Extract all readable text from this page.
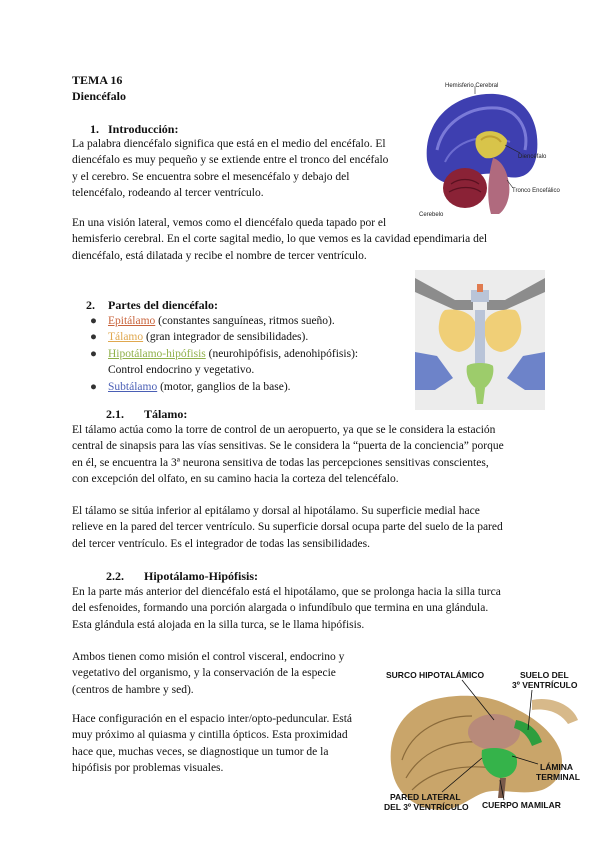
TEMA 16
Diencéfalo
1. Introducción:
La palabra diencéfalo significa que está en el medio del encéfalo. El
diencéfalo es muy pequeño y se extiende entre el tronco del encéfalo
y el cerebro. Se encuentra sobre el mesencéfalo y debajo del
telencéfalo, rodeando al tercer ventrículo.
En una visión lateral, vemos como el diencéfalo queda tapado por el
hemisferio cerebral. En el corte sagital medio, lo que vemos es la cavidad ependimaria del
diencéfalo, está dilatada y recibe el nombre de tercer ventrículo.
Hemisferio Cerebral
Diencéfalo
Tronco Encefálico
Cerebelo
2. Partes del diencéfalo:
● Epitálamo (constantes sanguíneas, ritmos sueño).
● Tálamo (gran integrador de sensibilidades).
● Hipotálamo-hipófisis (neurohipófisis, adenohipófisis):
Control endocrino y vegetativo.
● Subtálamo (motor, ganglios de la base).
2.1. Tálamo:
El tálamo actúa como la torre de control de un aeropuerto, ya que se le considera la estación
central de sinapsis para las vías sensitivas. Se le considera la “puerta de la conciencia” porque
en él, se encuentra la 3ª neurona sensitiva de todas las percepciones sensitivas conscientes,
con excepción del olfato, en su camino hacia la corteza del telencéfalo.
El tálamo se sitúa inferior al epitálamo y dorsal al hipotálamo. Su superficie medial hace
relieve en la pared del tercer ventrículo. Su superficie dorsal ocupa parte del suelo de la pared
del tercer ventrículo. Es el integrador de todas las sensibilidades.
2.2. Hipotálamo-Hipófisis:
En la parte más anterior del diencéfalo está el hipotálamo, que se prolonga hacia la silla turca
del esfenoides, formando una porción alargada o infundíbulo que termina en una glándula.
Esta glándula está alojada en la silla turca, se le llama hipófisis.
Ambos tienen como misión el control visceral, endocrino y
vegetativo del organismo, y la conservación de la especie
(centros de hambre y sed).
Hace configuración en el espacio inter/opto-peduncular. Está
muy próximo al quiasma y cintilla ópticos. Esta proximidad
hace que, muchas veces, se diagnostique un tumor de la
hipófisis por problemas visuales.
SURCO HIPOTALÁMICO	SUELO DEL
3º VENTRÍCULO
LÁMINA
TERMINAL
PARED LATERAL
DEL 3º VENTRÍCULO CUERPO MAMILAR
